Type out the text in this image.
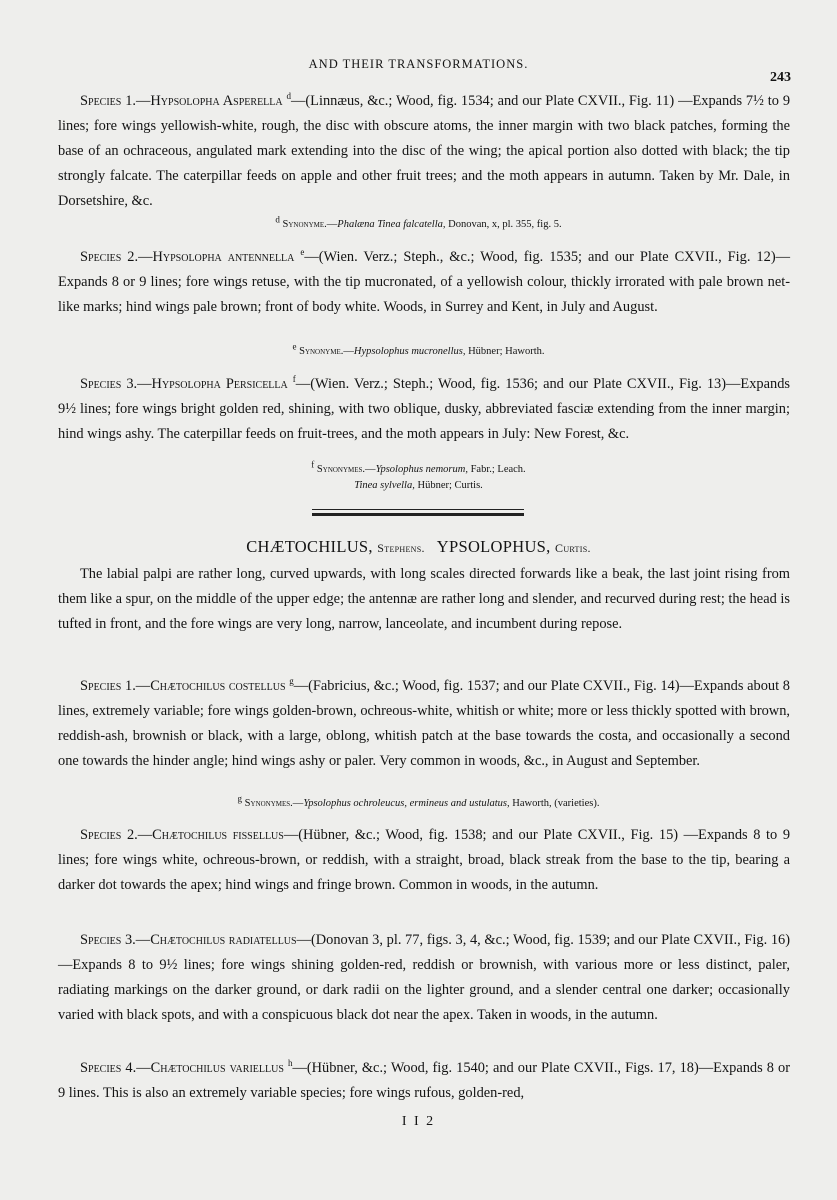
AND THEIR TRANSFORMATIONS.
243

Species 1.—Hypsolopha Asperella $^d$—(Linnæus, &c.; Wood, fig. 1534; and our Plate CXVII., Fig. 11) —Expands 7½ to 9 lines; fore wings yellowish-white, rough, the disc with obscure atoms, the inner margin with two black patches, forming the base of an ochraceous, angulated mark extending into the disc of the wing; the apical portion also dotted with black; the tip strongly falcate. The caterpillar feeds on apple and other fruit trees; and the moth appears in autumn. Taken by Mr. Dale, in Dorsetshire, &c.

d Synonyme.—Phalæna Tinea falcatella, Donovan, x, pl. 355, fig. 5.

Species 2.—Hypsolopha antennella $^e$—(Wien. Verz.; Steph., &c.; Wood, fig. 1535; and our Plate CXVII., Fig. 12)—Expands 8 or 9 lines; fore wings retuse, with the tip mucronated, of a yellowish colour, thickly irrorated with pale brown net-like marks; hind wings pale brown; front of body white. Woods, in Surrey and Kent, in July and August.

e Synonyme.—Hypsolophus mucronellus, Hübner; Haworth.

Species 3.—Hypsolopha Persicella $^f$—(Wien. Verz.; Steph.; Wood, fig. 1536; and our Plate CXVII., Fig. 13)—Expands 9½ lines; fore wings bright golden red, shining, with two oblique, dusky, abbreviated fasciæ extending from the inner margin; hind wings ashy. The caterpillar feeds on fruit-trees, and the moth appears in July: New Forest, &c.

f Synonymes.—Ypsolophus nemorum, Fabr.; Leach.
Tinea sylvella, Hübner; Curtis.

CHÆTOCHILUS, Stephens. YPSOLOPHUS, Curtis.

The labial palpi are rather long, curved upwards, with long scales directed forwards like a beak, the last joint rising from them like a spur, on the middle of the upper edge; the antennæ are rather long and slender, and recurved during rest; the head is tufted in front, and the fore wings are very long, narrow, lanceolate, and incumbent during repose.

Species 1.—Chætochilus costellus $^g$—(Fabricius, &c.; Wood, fig. 1537; and our Plate CXVII., Fig. 14)—Expands about 8 lines, extremely variable; fore wings golden-brown, ochreous-white, whitish or white; more or less thickly spotted with brown, reddish-ash, brownish or black, with a large, oblong, whitish patch at the base towards the costa, and occasionally a second one towards the hinder angle; hind wings ashy or paler. Very common in woods, &c., in August and September.

g Synonymes.—Ypsolophus ochroleucus, ermineus and ustulatus, Haworth, (varieties).

Species 2.—Chætochilus fissellus—(Hübner, &c.; Wood, fig. 1538; and our Plate CXVII., Fig. 15) —Expands 8 to 9 lines; fore wings white, ochreous-brown, or reddish, with a straight, broad, black streak from the base to the tip, bearing a darker dot towards the apex; hind wings and fringe brown. Common in woods, in the autumn.

Species 3.—Chætochilus radiatellus—(Donovan 3, pl. 77, figs. 3, 4, &c.; Wood, fig. 1539; and our Plate CXVII., Fig. 16)—Expands 8 to 9½ lines; fore wings shining golden-red, reddish or brownish, with various more or less distinct, paler, radiating markings on the darker ground, or dark radii on the lighter ground, and a slender central one darker; occasionally varied with black spots, and with a conspicuous black dot near the apex. Taken in woods, in the autumn.

Species 4.—Chætochilus variellus $^h$—(Hübner, &c.; Wood, fig. 1540; and our Plate CXVII., Figs. 17, 18)—Expands 8 or 9 lines. This is also an extremely variable species; fore wings rufous, golden-red,

I I 2
